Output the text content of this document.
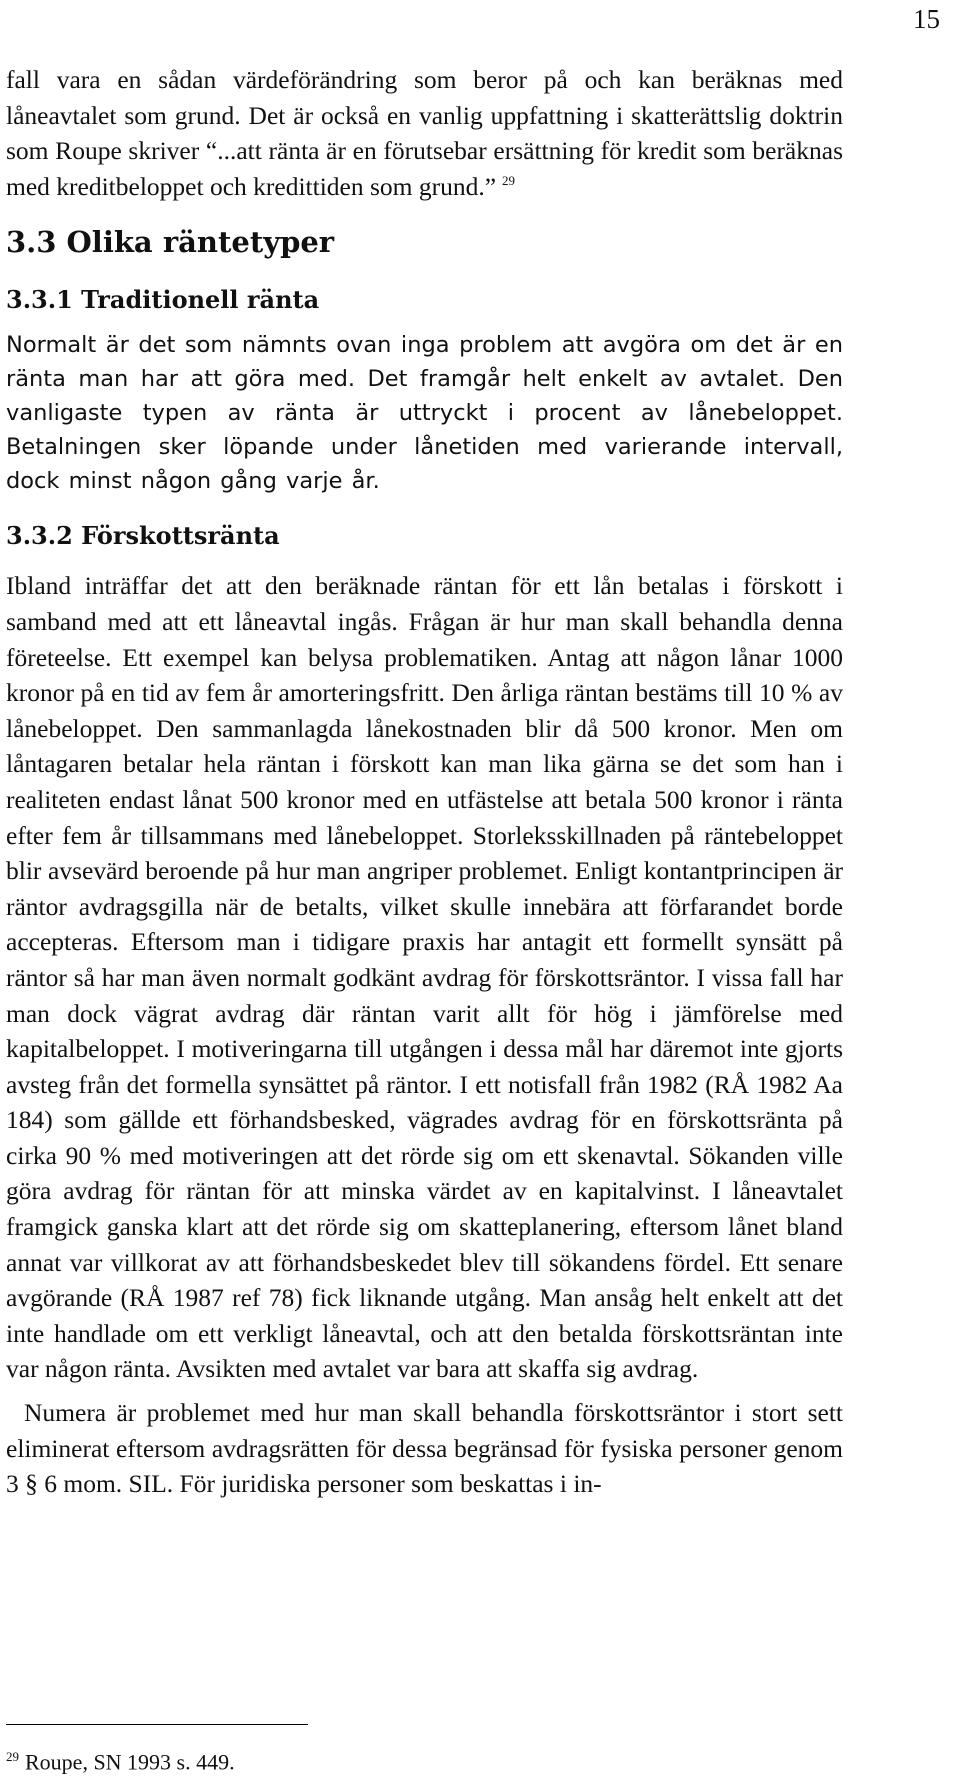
15

fall vara en sådan värdeförändring som beror på och kan beräknas med låneavtalet som grund. Det är också en vanlig uppfattning i skatterättslig doktrin som Roupe skriver “...att ränta är en förutsebar ersättning för kredit som beräknas med kreditbeloppet och kredittiden som grund.” $^{29}$

3.3 Olika räntetyper
3.3.1 Traditionell ränta

Normalt är det som nämnts ovan inga problem att avgöra om det är en ränta man har att göra med. Det framgår helt enkelt av avtalet. Den vanligaste typen av ränta är uttryckt i procent av lånebeloppet. Betalningen sker löpande under lånetiden med varierande intervall, dock minst någon gång varje år.

3.3.2 Förskottsränta

Ibland inträffar det att den beräknade räntan för ett lån betalas i förskott i samband med att ett låneavtal ingås. Frågan är hur man skall behandla denna företeelse. Ett exempel kan belysa problematiken. Antag att någon lånar 1000 kronor på en tid av fem år amorteringsfritt. Den årliga räntan bestäms till 10 % av lånebeloppet. Den sammanlagda lånekostnaden blir då 500 kronor. Men om låntagaren betalar hela räntan i förskott kan man lika gärna se det som han i realiteten endast lånat 500 kronor med en utfästelse att betala 500 kronor i ränta efter fem år tillsammans med lånebeloppet. Storleksskillnaden på räntebeloppet blir avsevärd beroende på hur man angriper problemet. Enligt kontantprincipen är räntor avdragsgilla när de betalts, vilket skulle innebära att förfarandet borde accepteras. Eftersom man i tidigare praxis har antagit ett formellt synsätt på räntor så har man även normalt godkänt avdrag för förskottsräntor. I vissa fall har man dock vägrat avdrag där räntan varit allt för hög i jämförelse med kapitalbeloppet. I motiveringarna till utgången i dessa mål har däremot inte gjorts avsteg från det formella synsättet på räntor. I ett notisfall från 1982 (RÅ 1982 Aa 184) som gällde ett förhandsbesked, vägrades avdrag för en förskottsränta på cirka 90 % med motiveringen att det rörde sig om ett skenavtal. Sökanden ville göra avdrag för räntan för att minska värdet av en kapitalvinst. I låneavtalet framgick ganska klart att det rörde sig om skatteplanering, eftersom lånet bland annat var villkorat av att förhandsbeskedet blev till sökandens fördel. Ett senare avgörande (RÅ 1987 ref 78) fick liknande utgång. Man ansåg helt enkelt att det inte handlade om ett verkligt låneavtal, och att den betalda förskottsräntan inte var någon ränta. Avsikten med avtalet var bara att skaffa sig avdrag.

Numera är problemet med hur man skall behandla förskottsräntor i stort sett eliminerat eftersom avdragsrätten för dessa begränsad för fysiska personer genom 3 § 6 mom. SIL. För juridiska personer som beskattas i in-

$^{29}$ Roupe, SN 1993 s. 449.
